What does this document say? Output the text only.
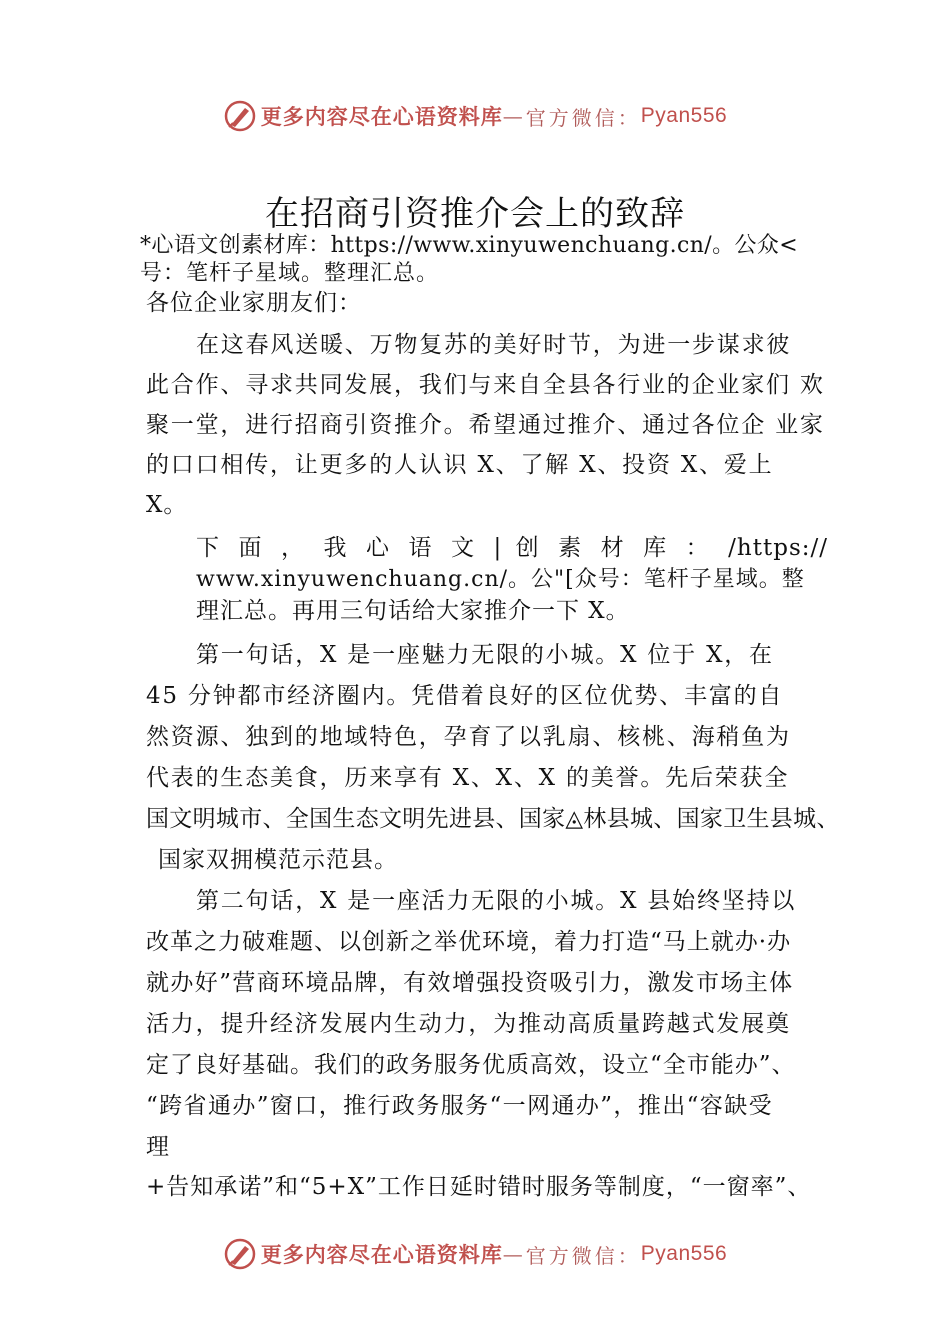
更多内容尽在心语资料库 — 官方微信： Pyan556
在招商引资推介会上的致辞
*心语文创素材库：https://www.xinyuwenchuang.cn/。公众<
号：笔杆子星域。整理汇总。
各位企业家朋友们：
在这春风送暖、万物复苏的美好时节，为进一步谋求彼
此合作、寻求共同发展，我们与来自全县各行业的企业家们 欢
聚一堂，进行招商引资推介。希望通过推介、通过各位企 业家
的口口相传，让更多的人认识 X、了解 X、投资 X、爱上
X。
下 面 ， 我 心 语 文 | 创 素 材 库 ： /https://
www.xinyuwenchuang.cn/。公"[众号：笔杆子星域。整
理汇总。再用三句话给大家推介一下 X。
第一句话，X 是一座魅力无限的小城。X 位于 X，在
45 分钟都市经济圈内。凭借着良好的区位优势、丰富的自
然资源、独到的地域特色，孕育了以乳扇、核桃、海稍鱼为
代表的生态美食，历来享有 X、X、X 的美誉。先后荣获全
国文明城市、全国生态文明先进县、国家◬林县城、国家卫生县城、
国家双拥模范示范县。
第二句话，X 是一座活力无限的小城。X 县始终坚持以
改革之力破难题、以创新之举优环境，着力打造“马上就办·办
就办好”营商环境品牌，有效增强投资吸引力，激发市场主体
活力，提升经济发展内生动力，为推动高质量跨越式发展奠
定了良好基础。我们的政务服务优质高效，设立“全市能办”、
“跨省通办”窗口，推行政务服务“一网通办”，推出“容缺受
理
+告知承诺”和“5+X”工作日延时错时服务等制度，“一窗率”、
更多内容尽在心语资料库 — 官方微信： Pyan556
